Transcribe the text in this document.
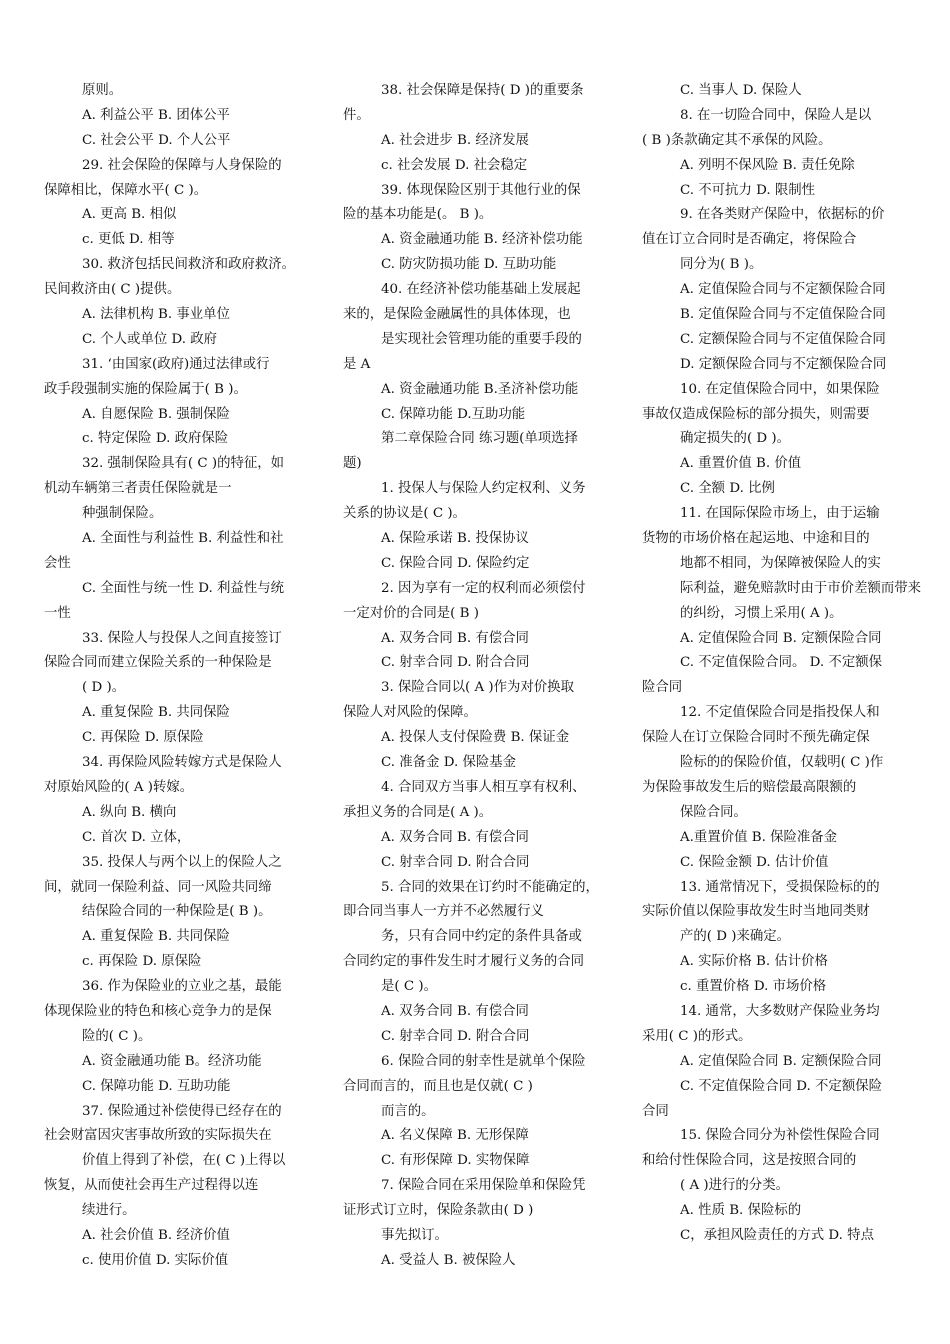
原则。
A. 利益公平 B. 团体公平
C. 社会公平 D. 个人公平
29. 社会保险的保障与人身保险的
保障相比，保障水平( C )。
A. 更高 B. 相似
c. 更低 D. 相等
30. 救济包括民间救济和政府救济。
民间救济由( C )提供。
A. 法律机构 B. 事业单位
C. 个人或单位 D. 政府
31. ‘由国家(政府)通过法律或行
政手段强制实施的保险属于( B )。
A. 自愿保险 B. 强制保险
c. 特定保险 D. 政府保险
32. 强制保险具有( C )的特征，如
机动车辆第三者责任保险就是一
种强制保险。
A. 全面性与利益性 B. 利益性和社
会性
C. 全面性与统一性 D. 利益性与统
一性
33. 保险人与投保人之间直接签订
保险合同而建立保险关系的一种保险是
( D )。
A. 重复保险 B. 共同保险
C. 再保险 D. 原保险
34. 再保险风险转嫁方式是保险人
对原始风险的( A )转嫁。
A. 纵向 B. 横向
C. 首次 D. 立体，
35. 投保人与两个以上的保险人之
间，就同一保险利益、同一风险共同缔
结保险合同的一种保险是( B )。
A. 重复保险 B. 共同保险
c. 再保险 D. 原保险
36. 作为保险业的立业之基，最能
体现保险业的特色和核心竞争力的是保
险的( C )。
A. 资金融通功能 B。经济功能
C. 保障功能 D. 互助功能
37. 保险通过补偿使得已经存在的
社会财富因灾害事故所致的实际损失在
价值上得到了补偿，在( C )上得以
恢复，从而使社会再生产过程得以连
续进行。
A. 社会价值 B. 经济价值
c. 使用价值 D. 实际价值
38. 社会保障是保持( D )的重要条
件。
A. 社会进步 B. 经济发展
c. 社会发展 D. 社会稳定
39. 体现保险区别于其他行业的保
险的基本功能是(。 B )。
A. 资金融通功能 B. 经济补偿功能
C. 防灾防损功能 D. 互助功能
40. 在经济补偿功能基础上发展起
来的，是保险金融属性的具体体现，也
是实现社会管理功能的重要手段的
是 A
A. 资金融通功能 B.圣济补偿功能
C. 保障功能 D.互助功能
第二章保险合同 练习题(单项选择
题)
1. 投保人与保险人约定权利、义务
关系的协议是( C )。
A. 保险承诺 B. 投保协议
C. 保险合同 D. 保险约定
2. 因为享有一定的权利而必须偿付
一定对价的合同是( B )
A. 双务合同 B. 有偿合同
C. 射幸合同 D. 附合合同
3. 保险合同以( A )作为对价换取
保险人对风险的保障。
A. 投保人支付保险费 B. 保证金
C. 准备金 D. 保险基金
4. 合同双方当事人相互享有权利、
承担义务的合同是( A )。
A. 双务合同 B. 有偿合同
C. 射幸合同 D. 附合合同
5. 合同的效果在订约时不能确定的，
即合同当事人一方并不必然履行义
务，只有合同中约定的条件具备或
合同约定的事件发生时才履行义务的合同
是( C )。
A. 双务合同 B. 有偿合同
C. 射幸合同 D. 附合合同
6. 保险合同的射幸性是就单个保险
合同而言的，而且也是仅就( C )
而言的。
A. 名义保障 B. 无形保障
C. 有形保障 D. 实物保障
7. 保险合同在采用保险单和保险凭
证形式订立时，保险条款由( D )
事先拟订。
A. 受益人 B. 被保险人
C. 当事人 D. 保险人
8. 在一切险合同中，保险人是以
( B )条款确定其不承保的风险。
A. 列明不保风险 B. 责任免除
C. 不可抗力 D. 限制性
9. 在各类财产保险中，依据标的价
值在订立合同时是否确定，将保险合
同分为( B )。
A. 定值保险合同与不定额保险合同
B. 定值保险合同与不定值保险合同
C. 定额保险合同与不定值保险合同
D. 定额保险合同与不定额保险合同
10. 在定值保险合同中，如果保险
事故仅造成保险标的部分损失，则需要
确定损失的( D )。
A. 重置价值 B. 价值
C. 全额 D. 比例
11. 在国际保险市场上，由于运输
货物的市场价格在起运地、中途和目的
地都不相同，为保障被保险人的实
际利益，避免赔款时由于市价差额而带来
的纠纷，习惯上采用( A )。
A. 定值保险合同 B. 定额保险合同
C. 不定值保险合同。 D. 不定额保
险合同
12. 不定值保险合同是指投保人和
保险人在订立保险合同时不预先确定保
险标的的保险价值，仅载明( C )作
为保险事故发生后的赔偿最高限额的
保险合同。
A.重置价值 B. 保险准备金
C. 保险金额 D. 估计价值
13. 通常情况下，受损保险标的的
实际价值以保险事故发生时当地同类财
产的( D )来确定。
A. 实际价格 B. 估计价格
c. 重置价格 D. 市场价格
14. 通常，大多数财产保险业务均
采用( C )的形式。
A. 定值保险合同 B. 定额保险合同
C. 不定值保险合同 D. 不定额保险
合同
15. 保险合同分为补偿性保险合同
和给付性保险合同，这是按照合同的
( A )进行的分类。
A. 性质 B. 保险标的
C，承担风险责任的方式 D. 特点
